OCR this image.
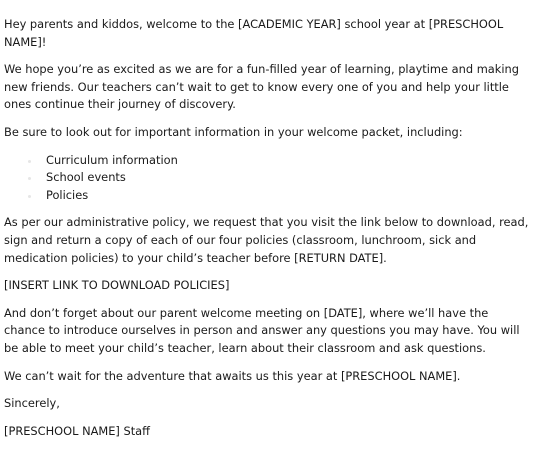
Hey parents and kiddos, welcome to the [ACADEMIC YEAR] school year at [PRESCHOOL NAME]!

We hope you’re as excited as we are for a fun-filled year of learning, playtime and making new friends. Our teachers can’t wait to get to know every one of you and help your little ones continue their journey of discovery.

Be sure to look out for important information in your welcome packet, including:

Curriculum information
School events
Policies

As per our administrative policy, we request that you visit the link below to download, read, sign and return a copy of each of our four policies (classroom, lunchroom, sick and medication policies) to your child’s teacher before [RETURN DATE].

[INSERT LINK TO DOWNLOAD POLICIES]

And don’t forget about our parent welcome meeting on [DATE], where we’ll have the chance to introduce ourselves in person and answer any questions you may have. You will be able to meet your child’s teacher, learn about their classroom and ask questions.

We can’t wait for the adventure that awaits us this year at [PRESCHOOL NAME].

Sincerely,

[PRESCHOOL NAME] Staff
